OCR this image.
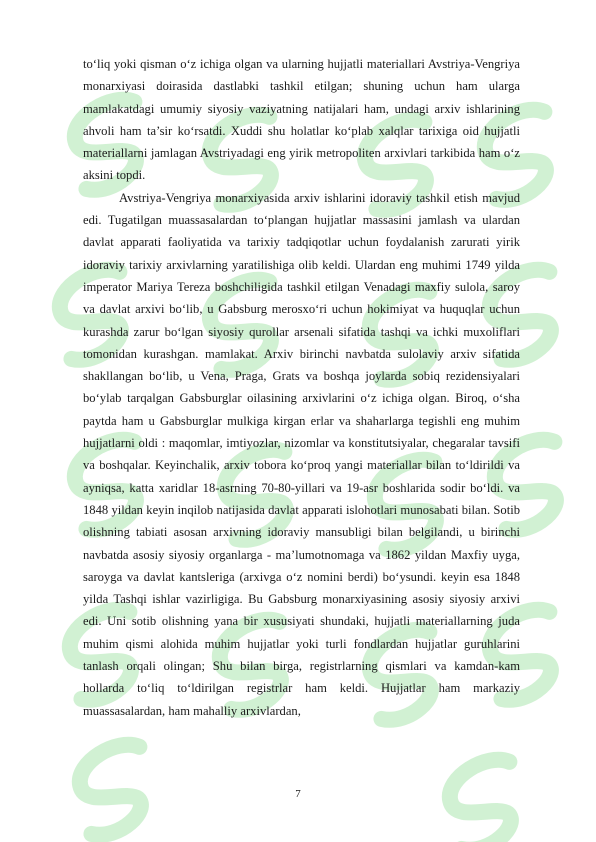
to‘liq yoki qisman o‘z ichiga olgan va ularning hujjatli materiallari Avstriya-Vengriya monarxiyasi doirasida dastlabki tashkil etilgan; shuning uchun ham ularga mamlakatdagi umumiy siyosiy vaziyatning natijalari ham, undagi arxiv ishlarining ahvoli ham ta’sir ko‘rsatdi. Xuddi shu holatlar ko‘plab xalqlar tarixiga oid hujjatli materiallarni jamlagan Avstriyadagi eng yirik metropoliten arxivlari tarkibida ham o‘z aksini topdi.

Avstriya-Vengriya monarxiyasida arxiv ishlarini idoraviy tashkil etish mavjud edi. Tugatilgan muassasalardan to‘plangan hujjatlar massasini jamlash va ulardan davlat apparati faoliyatida va tarixiy tadqiqotlar uchun foydalanish zarurati yirik idoraviy tarixiy arxivlarning yaratilishiga olib keldi. Ulardan eng muhimi 1749 yilda imperator Mariya Tereza boshchiligida tashkil etilgan Venadagi maxfiy sulola, saroy va davlat arxivi bo‘lib, u Gabsburg merosxo‘ri uchun hokimiyat va huquqlar uchun kurashda zarur bo‘lgan siyosiy qurollar arsenali sifatida tashqi va ichki muxoliflari tomonidan kurashgan. mamlakat. Arxiv birinchi navbatda sulolaviy arxiv sifatida shakllangan bo‘lib, u Vena, Praga, Grats va boshqa joylarda sobiq rezidensiyalari bo‘ylab tarqalgan Gabsburglar oilasining arxivlarini o‘z ichiga olgan. Biroq, o‘sha paytda ham u Gabsburglar mulkiga kirgan erlar va shaharlarga tegishli eng muhim hujjatlarni oldi : maqomlar, imtiyozlar, nizomlar va konstitutsiyalar, chegaralar tavsifi va boshqalar. Keyinchalik, arxiv tobora ko‘proq yangi materiallar bilan to‘ldirildi va ayniqsa, katta xaridlar 18-asrning 70-80-yillari va 19-asr boshlarida sodir bo‘ldi. va 1848 yildan keyin inqilob natijasida davlat apparati islohotlari munosabati bilan. Sotib olishning tabiati asosan arxivning idoraviy mansubligi bilan belgilandi, u birinchi navbatda asosiy siyosiy organlarga - ma’lumotnomaga va 1862 yildan Maxfiy uyga, saroyga va davlat kantsleriga (arxivga o‘z nomini berdi) bo‘ysundi. keyin esa 1848 yilda Tashqi ishlar vazirligiga. Bu Gabsburg monarxiyasining asosiy siyosiy arxivi edi. Uni sotib olishning yana bir xususiyati shundaki, hujjatli materiallarning juda muhim qismi alohida muhim hujjatlar yoki turli fondlardan hujjatlar guruhlarini tanlash orqali olingan; Shu bilan birga, registrlarning qismlari va kamdan-kam hollarda to‘liq to‘ldirilgan registrlar ham keldi. Hujjatlar ham markaziy muassasalardan, ham mahalliy arxivlardan,

7
